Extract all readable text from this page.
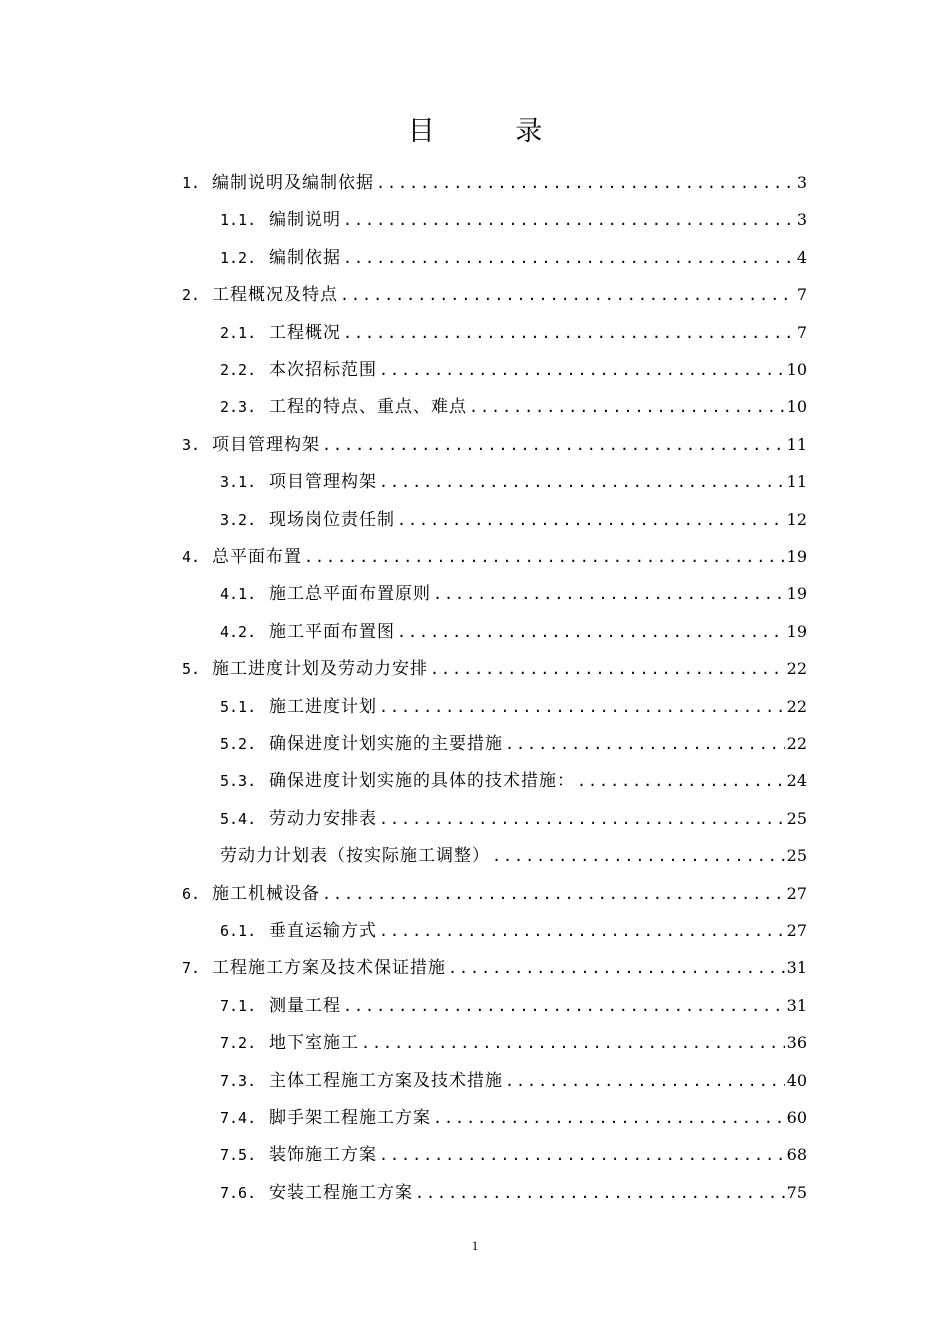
目 录
1. 编制说明及编制依据 .....	3
1.1. 编制说明 .....	3
1.2. 编制依据 .....	4
2. 工程概况及特点 .....	7
2.1. 工程概况 .....	7
2.2. 本次招标范围 .....	10
2.3. 工程的特点、重点、难点 .....	10
3. 项目管理构架 .....	11
3.1. 项目管理构架 .....	11
3.2. 现场岗位责任制 .....	12
4. 总平面布置 .....	19
4.1. 施工总平面布置原则 .....	19
4.2. 施工平面布置图 .....	19
5. 施工进度计划及劳动力安排 .....	22
5.1. 施工进度计划 .....	22
5.2. 确保进度计划实施的主要措施 .....	22
5.3. 确保进度计划实施的具体的技术措施： .....	24
5.4. 劳动力安排表 .....	25
劳动力计划表（按实际施工调整） .....	25
6. 施工机械设备 .....	27
6.1. 垂直运输方式 .....	27
7. 工程施工方案及技术保证措施 .....	31
7.1. 测量工程 .....	31
7.2. 地下室施工 .....	36
7.3. 主体工程施工方案及技术措施 .....	40
7.4. 脚手架工程施工方案 .....	60
7.5. 装饰施工方案 .....	68
7.6. 安装工程施工方案 .....	75
1
